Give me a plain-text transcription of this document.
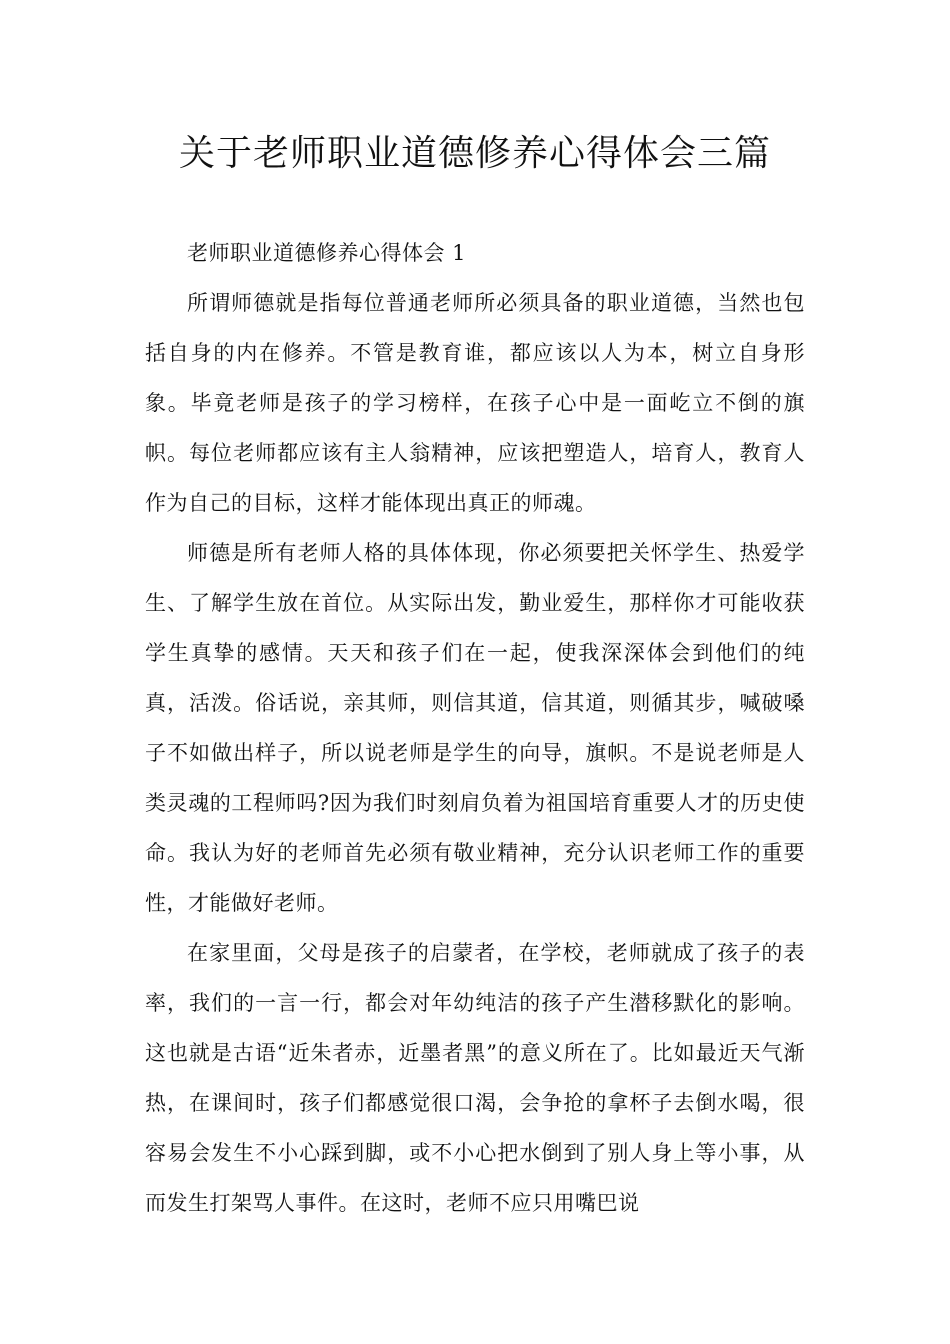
关于老师职业道德修养心得体会三篇

老师职业道德修养心得体会 1

所谓师德就是指每位普通老师所必须具备的职业道德，当然也包括自身的内在修养。不管是教育谁，都应该以人为本，树立自身形象。毕竟老师是孩子的学习榜样，在孩子心中是一面屹立不倒的旗帜。每位老师都应该有主人翁精神，应该把塑造人，培育人，教育人作为自己的目标，这样才能体现出真正的师魂。

师德是所有老师人格的具体体现，你必须要把关怀学生、热爱学生、了解学生放在首位。从实际出发，勤业爱生，那样你才可能收获学生真挚的感情。天天和孩子们在一起，使我深深体会到他们的纯真，活泼。俗话说，亲其师，则信其道，信其道，则循其步，喊破嗓子不如做出样子，所以说老师是学生的向导，旗帜。不是说老师是人类灵魂的工程师吗?因为我们时刻肩负着为祖国培育重要人才的历史使命。我认为好的老师首先必须有敬业精神，充分认识老师工作的重要性，才能做好老师。

在家里面，父母是孩子的启蒙者，在学校，老师就成了孩子的表率，我们的一言一行，都会对年幼纯洁的孩子产生潜移默化的影响。这也就是古语“近朱者赤，近墨者黑”的意义所在了。比如最近天气渐热，在课间时，孩子们都感觉很口渴，会争抢的拿杯子去倒水喝，很容易会发生不小心踩到脚，或不小心把水倒到了别人身上等小事，从而发生打架骂人事件。在这时，老师不应只用嘴巴说
